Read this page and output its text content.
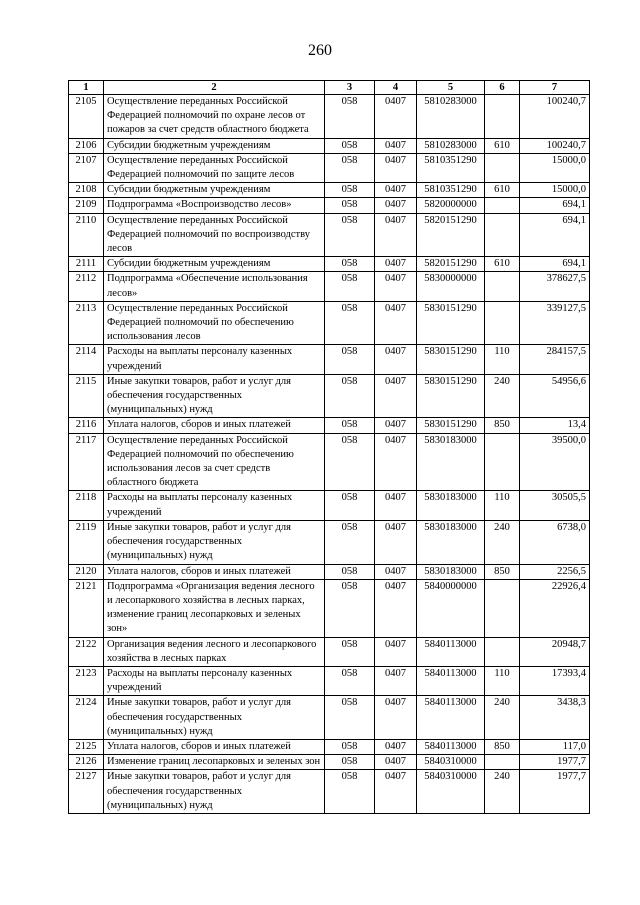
260
1	2	3	4	5	6	7
2105	Осуществление переданных Российской Федерацией полномочий по охране лесов от пожаров за счет средств областного бюджета	058	0407	5810283000		100240,7
2106	Субсидии бюджетным учреждениям	058	0407	5810283000	610	100240,7
2107	Осуществление переданных Российской Федерацией полномочий по защите лесов	058	0407	5810351290		15000,0
2108	Субсидии бюджетным учреждениям	058	0407	5810351290	610	15000,0
2109	Подпрограмма «Воспроизводство лесов»	058	0407	5820000000		694,1
2110	Осуществление переданных Российской Федерацией полномочий по воспроизводству лесов	058	0407	5820151290		694,1
2111	Субсидии бюджетным учреждениям	058	0407	5820151290	610	694,1
2112	Подпрограмма «Обеспечение использования лесов»	058	0407	5830000000		378627,5
2113	Осуществление переданных Российской Федерацией полномочий по обеспечению использования лесов	058	0407	5830151290		339127,5
2114	Расходы на выплаты персоналу казенных учреждений	058	0407	5830151290	110	284157,5
2115	Иные закупки товаров, работ и услуг для обеспечения государственных (муниципальных) нужд	058	0407	5830151290	240	54956,6
2116	Уплата налогов, сборов и иных платежей	058	0407	5830151290	850	13,4
2117	Осуществление переданных Российской Федерацией полномочий по обеспечению использования лесов за счет средств областного бюджета	058	0407	5830183000		39500,0
2118	Расходы на выплаты персоналу казенных учреждений	058	0407	5830183000	110	30505,5
2119	Иные закупки товаров, работ и услуг для обеспечения государственных (муниципальных) нужд	058	0407	5830183000	240	6738,0
2120	Уплата налогов, сборов и иных платежей	058	0407	5830183000	850	2256,5
2121	Подпрограмма «Организация ведения лесного и лесопаркового хозяйства в лесных парках, изменение границ лесопарковых и зеленых зон»	058	0407	5840000000		22926,4
2122	Организация ведения лесного и лесопаркового хозяйства в лесных парках	058	0407	5840113000		20948,7
2123	Расходы на выплаты персоналу казенных учреждений	058	0407	5840113000	110	17393,4
2124	Иные закупки товаров, работ и услуг для обеспечения государственных (муниципальных) нужд	058	0407	5840113000	240	3438,3
2125	Уплата налогов, сборов и иных платежей	058	0407	5840113000	850	117,0
2126	Изменение границ лесопарковых и зеленых зон	058	0407	5840310000		1977,7
2127	Иные закупки товаров, работ и услуг для обеспечения государственных (муниципальных) нужд	058	0407	5840310000	240	1977,7
